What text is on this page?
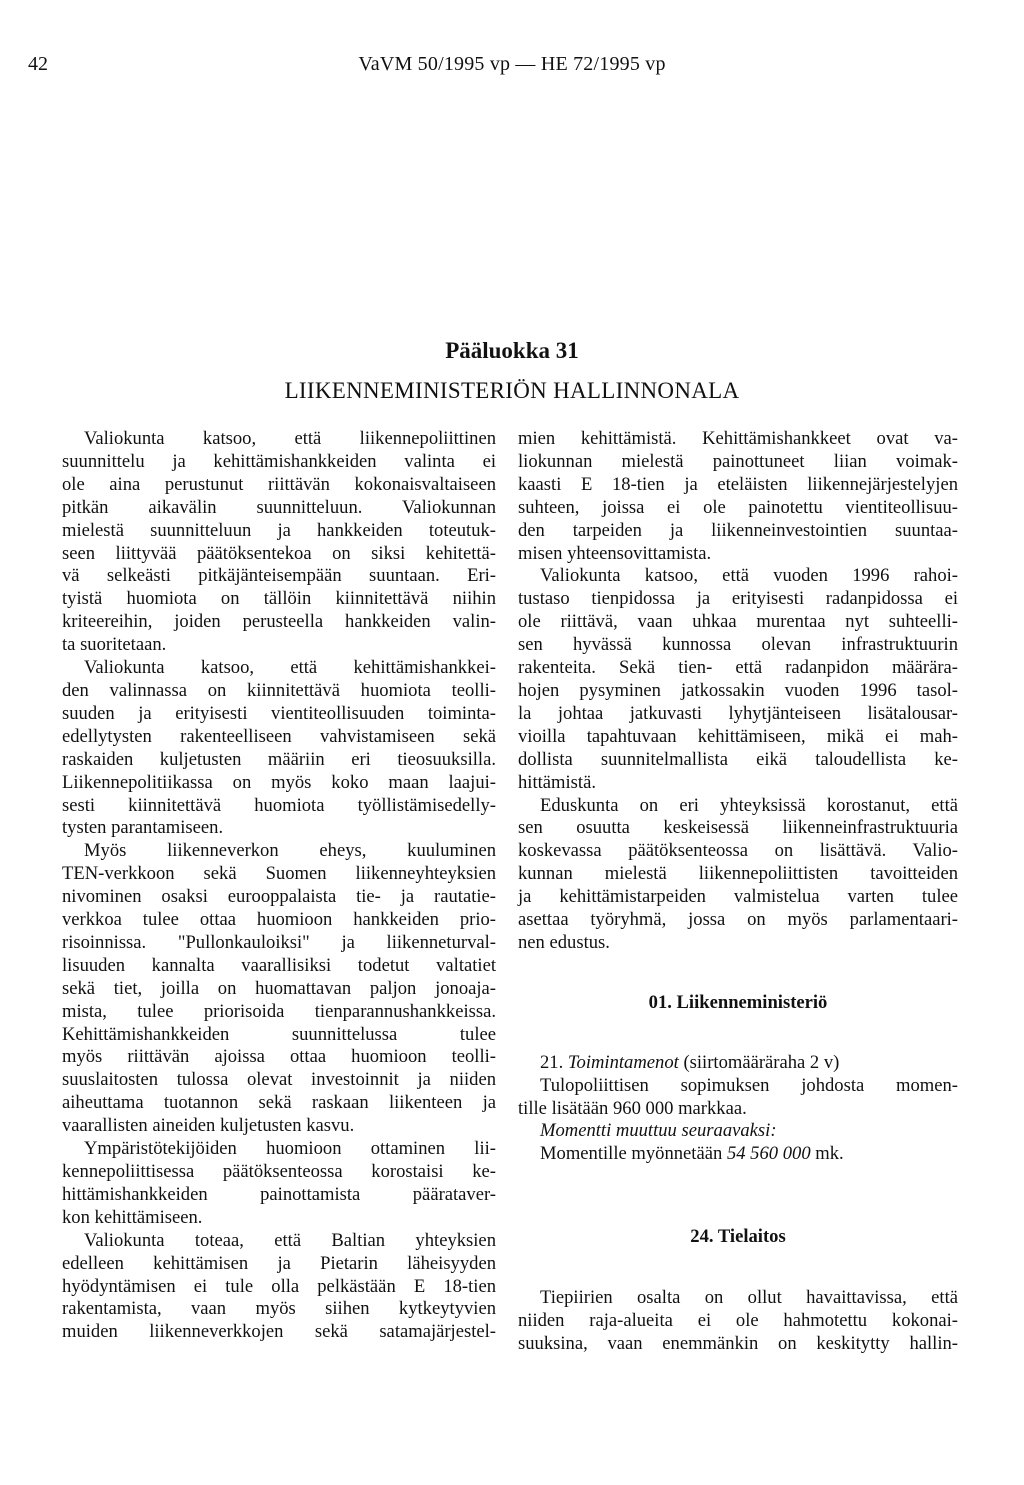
42	VaVM 50/1995 vp — HE 72/1995 vp
Pääluokka 31
LIIKENNEMINISTERIÖN HALLINNONALA
Valiokunta katsoo, että liikennepoliittinen
suunnittelu ja kehittämishankkeiden valinta ei
ole aina perustunut riittävän kokonaisvaltaiseen
pitkän aikavälin suunnitteluun. Valiokunnan
mielestä suunnitteluun ja hankkeiden toteutuk-
seen liittyvää päätöksentekoa on siksi kehitettä-
vä selkeästi pitkäjänteisempään suuntaan. Eri-
tyistä huomiota on tällöin kiinnitettävä niihin
kriteereihin, joiden perusteella hankkeiden valin-
ta suoritetaan.
Valiokunta katsoo, että kehittämishankkei-
den valinnassa on kiinnitettävä huomiota teolli-
suuden ja erityisesti vientiteollisuuden toiminta-
edellytysten rakenteelliseen vahvistamiseen sekä
raskaiden kuljetusten määriin eri tieosuuksilla.
Liikennepolitiikassa on myös koko maan laajui-
sesti kiinnitettävä huomiota työllistämisedelly-
tysten parantamiseen.
Myös liikenneverkon eheys, kuuluminen
TEN-verkkoon sekä Suomen liikenneyhteyksien
nivominen osaksi eurooppalaista tie- ja rautatie-
verkkoa tulee ottaa huomioon hankkeiden prio-
risoinnissa. "Pullonkauloiksi" ja liikenneturval-
lisuuden kannalta vaarallisiksi todetut valtatiet
sekä tiet, joilla on huomattavan paljon jonoaja-
mista, tulee priorisoida tienparannushankkeissa.
Kehittämishankkeiden suunnittelussa tulee
myös riittävän ajoissa ottaa huomioon teolli-
suuslaitosten tulossa olevat investoinnit ja niiden
aiheuttama tuotannon sekä raskaan liikenteen ja
vaarallisten aineiden kuljetusten kasvu.
Ympäristötekijöiden huomioon ottaminen lii-
kennepoliittisessa päätöksenteossa korostaisi ke-
hittämishankkeiden painottamista päärataver-
kon kehittämiseen.
Valiokunta toteaa, että Baltian yhteyksien
edelleen kehittämisen ja Pietarin läheisyyden
hyödyntämisen ei tule olla pelkästään E 18-tien
rakentamista, vaan myös siihen kytkeytyvien
muiden liikenneverkkojen sekä satamajärjestel-
mien kehittämistä. Kehittämishankkeet ovat va-
liokunnan mielestä painottuneet liian voimak-
kaasti E 18-tien ja eteläisten liikennejärjestelyjen
suhteen, joissa ei ole painotettu vientiteollisuu-
den tarpeiden ja liikenneinvestointien suuntaa-
misen yhteensovittamista.
Valiokunta katsoo, että vuoden 1996 rahoi-
tustaso tienpidossa ja erityisesti radanpidossa ei
ole riittävä, vaan uhkaa murentaa nyt suhteelli-
sen hyvässä kunnossa olevan infrastruktuurin
rakenteita. Sekä tien- että radanpidon määrära-
hojen pysyminen jatkossakin vuoden 1996 tasol-
la johtaa jatkuvasti lyhytjänteiseen lisätalousar-
vioilla tapahtuvaan kehittämiseen, mikä ei mah-
dollista suunnitelmallista eikä taloudellista ke-
hittämistä.
Eduskunta on eri yhteyksissä korostanut, että
sen osuutta keskeisessä liikenneinfrastruktuuria
koskevassa päätöksenteossa on lisättävä. Valio-
kunnan mielestä liikennepoliittisten tavoitteiden
ja kehittämistarpeiden valmistelua varten tulee
asettaa työryhmä, jossa on myös parlamentaari-
nen edustus.
01. Liikenneministeriö
21. Toimintamenot (siirtomääräraha 2 v)
Tulopoliittisen sopimuksen johdosta momen-
tille lisätään 960 000 markkaa.
Momentti muuttuu seuraavaksi:
Momentille myönnetään 54 560 000 mk.
24. Tielaitos
Tiepiirien osalta on ollut havaittavissa, että
niiden raja-alueita ei ole hahmotettu kokonai-
suuksina, vaan enemmänkin on keskitytty hallin-
